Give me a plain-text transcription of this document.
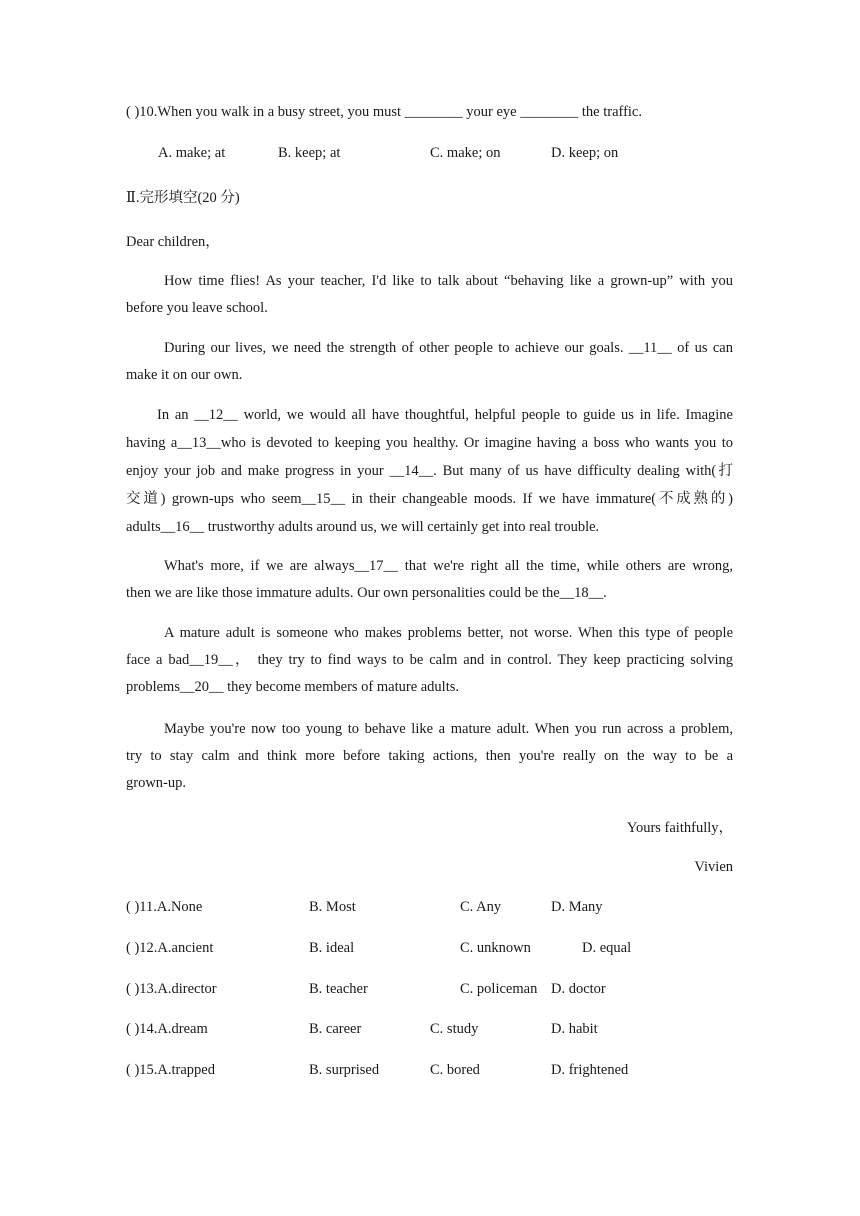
( )10.When you walk in a busy street, you must ________ your eye ________ the traffic.
A. make; at	B. keep; at	C. make; on	D. keep; on
Ⅱ.完形填空(20 分)
Dear children，
How time flies! As your teacher, I'd like to talk about “behaving like a grown-up” with you
before you leave school.
During our lives, we need the strength of other people to achieve our goals. __11__ of us can
make it on our own.
In an __12__ world, we would all have thoughtful, helpful people to guide us in life. Imagine
having a__13__who is devoted to keeping you healthy. Or imagine having a boss who wants you to
enjoy your job and make progress in your __14__. But many of us have difficulty dealing with(打
交道) grown-ups who seem__15__ in their changeable moods. If we have immature(不成熟的)
adults__16__ trustworthy adults around us, we will certainly get into real trouble.
What's more, if we are always__17__ that we're right all the time, while others are wrong,
then we are like those immature adults. Our own personalities could be the__18__.
A mature adult is someone who makes problems better, not worse. When this type of people
face a bad__19__， they try to find ways to be calm and in control. They keep practicing solving
problems__20__ they become members of mature adults.
Maybe you're now too young to behave like a mature adult. When you run across a problem,
try to stay calm and think more before taking actions, then you're really on the way to be a
grown-up.
Yours faithfully，
Vivien
( )11.A.None	B. Most	C. Any	D. Many
( )12.A.ancient	B. ideal	C. unknown	D. equal
( )13.A.director	B. teacher	C. policeman D. doctor
( )14.A.dream	B. career	C. study	D. habit
( )15.A.trapped	B. surprised	C. bored	D. frightened
